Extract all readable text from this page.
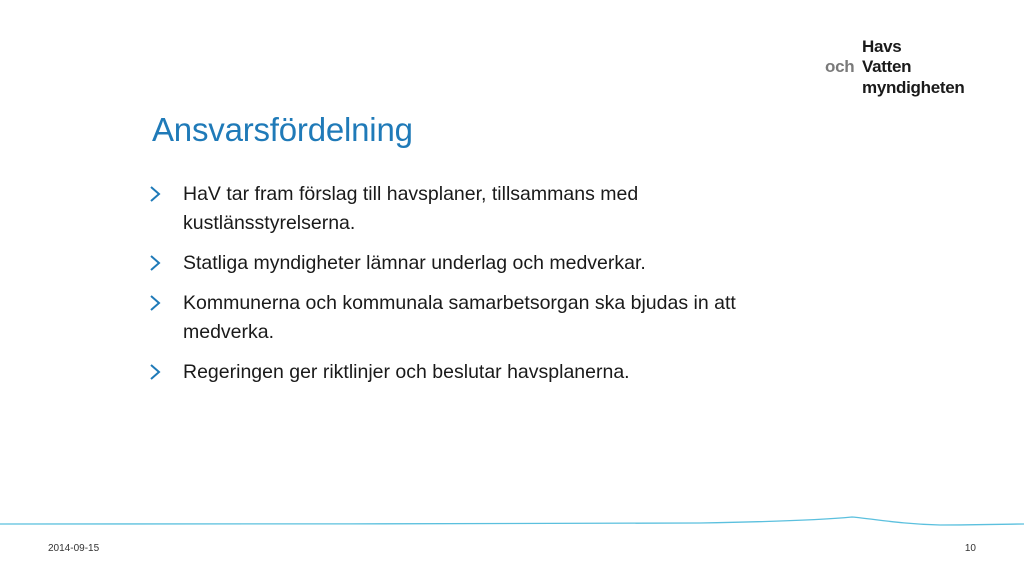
Havs
och Vatten
myndigheten
Ansvarsfördelning
HaV tar fram förslag till havsplaner, tillsammans med kustlänsstyrelserna.
Statliga myndigheter lämnar underlag och medverkar.
Kommunerna och kommunala samarbetsorgan ska bjudas in att medverka.
Regeringen ger riktlinjer och beslutar havsplanerna.
2014-09-15	10
